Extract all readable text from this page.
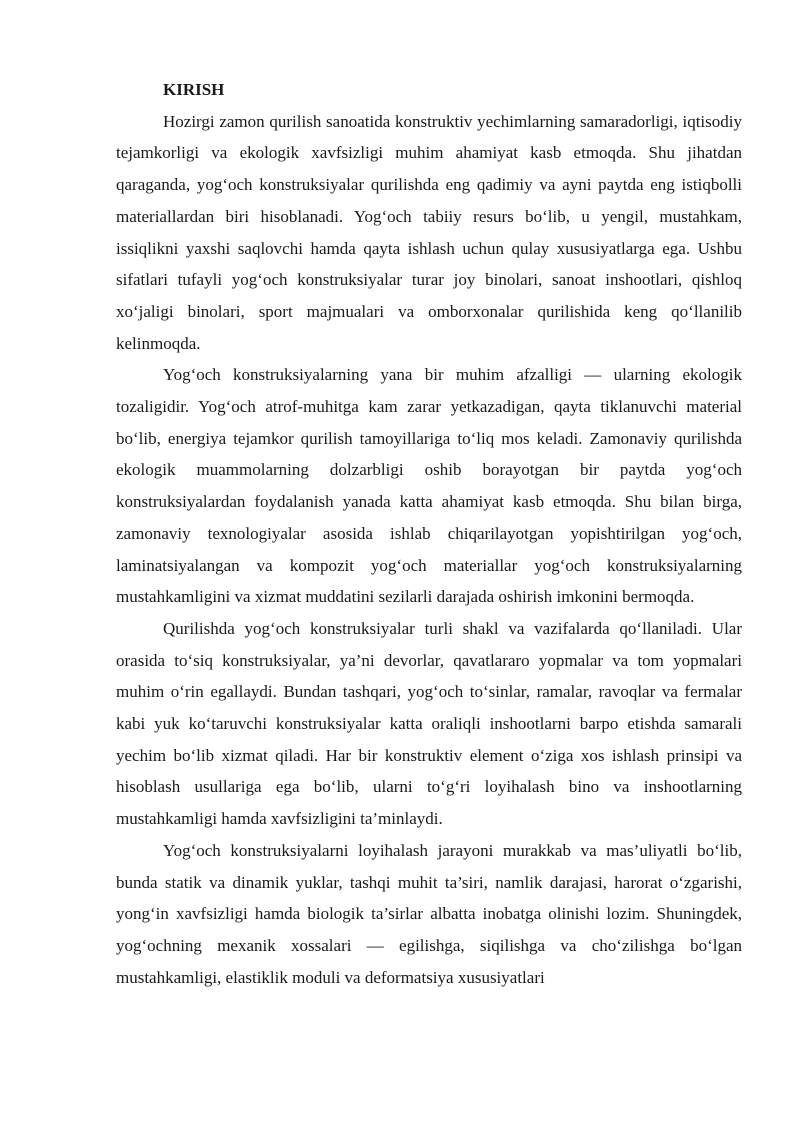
KIRISH

Hozirgi zamon qurilish sanoatida konstruktiv yechimlarning samaradorligi, iqtisodiy tejamkorligi va ekologik xavfsizligi muhim ahamiyat kasb etmoqda. Shu jihatdan qaraganda, yog‘och konstruksiyalar qurilishda eng qadimiy va ayni paytda eng istiqbolli materiallardan biri hisoblanadi. Yog‘och tabiiy resurs bo‘lib, u yengil, mustahkam, issiqlikni yaxshi saqlovchi hamda qayta ishlash uchun qulay xususiyatlarga ega. Ushbu sifatlari tufayli yog‘och konstruksiyalar turar joy binolari, sanoat inshootlari, qishloq xo‘jaligi binolari, sport majmualari va omborxonalar qurilishida keng qo‘llanilib kelinmoqda.

Yog‘och konstruksiyalarning yana bir muhim afzalligi — ularning ekologik tozaligidir. Yog‘och atrof-muhitga kam zarar yetkazadigan, qayta tiklanuvchi material bo‘lib, energiya tejamkor qurilish tamoyillariga to‘liq mos keladi. Zamonaviy qurilishda ekologik muammolarning dolzarbligi oshib borayotgan bir paytda yog‘och konstruksiyalardan foydalanish yanada katta ahamiyat kasb etmoqda. Shu bilan birga, zamonaviy texnologiyalar asosida ishlab chiqarilayotgan yopishtirilgan yog‘och, laminatsiyalangan va kompozit yog‘och materiallar yog‘och konstruksiyalarning mustahkamligini va xizmat muddatini sezilarli darajada oshirish imkonini bermoqda.

Qurilishda yog‘och konstruksiyalar turli shakl va vazifalarda qo‘llaniladi. Ular orasida to‘siq konstruksiyalar, ya’ni devorlar, qavatlararo yopmalar va tom yopmalari muhim o‘rin egallaydi. Bundan tashqari, yog‘och to‘sinlar, ramalar, ravoqlar va fermalar kabi yuk ko‘taruvchi konstruksiyalar katta oraliqli inshootlarni barpo etishda samarali yechim bo‘lib xizmat qiladi. Har bir konstruktiv element o‘ziga xos ishlash prinsipi va hisoblash usullariga ega bo‘lib, ularni to‘g‘ri loyihalash bino va inshootlarning mustahkamligi hamda xavfsizligini ta’minlaydi.

Yog‘och konstruksiyalarni loyihalash jarayoni murakkab va mas’uliyatli bo‘lib, bunda statik va dinamik yuklar, tashqi muhit ta’siri, namlik darajasi, harorat o‘zgarishi, yong‘in xavfsizligi hamda biologik ta’sirlar albatta inobatga olinishi lozim. Shuningdek, yog‘ochning mexanik xossalari — egilishga, siqilishga va cho‘zilishga bo‘lgan mustahkamligi, elastiklik moduli va deformatsiya xususiyatlari
